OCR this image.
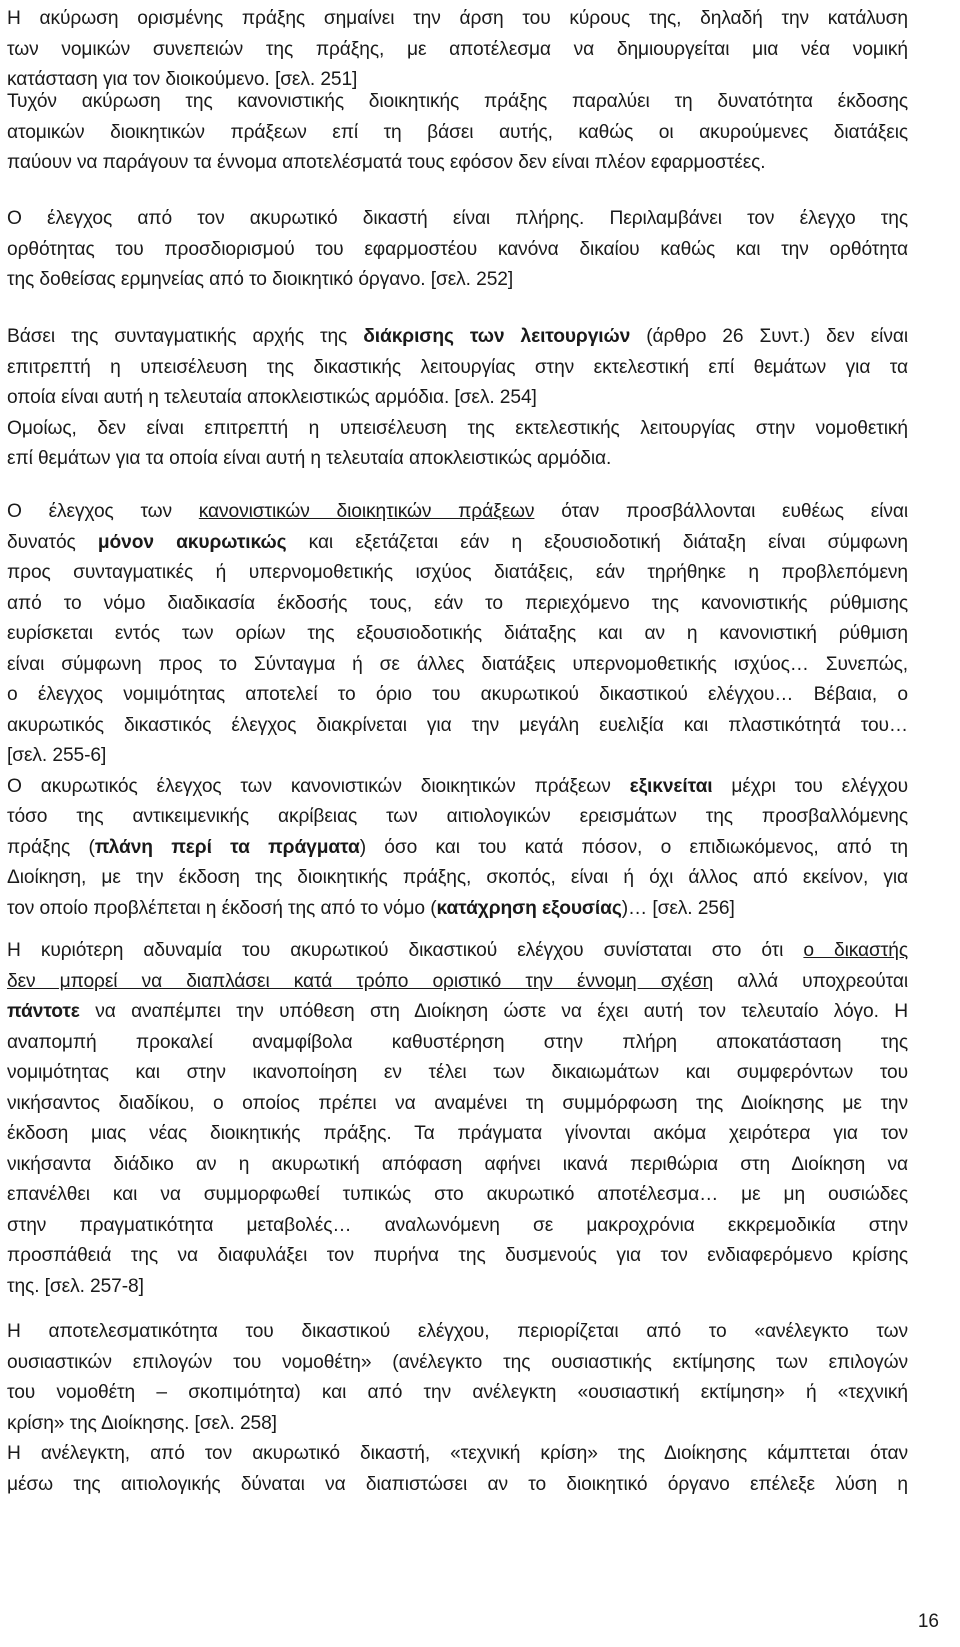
Η ακύρωση ορισμένης πράξης σημαίνει την άρση του κύρους της, δηλαδή την κατάλυση
των νομικών συνεπειών της πράξης, με αποτέλεσμα να δημιουργείται μια νέα νομική
κατάσταση για τον διοικούμενο. [σελ. 251]
Τυχόν ακύρωση της κανονιστικής διοικητικής πράξης παραλύει τη δυνατότητα έκδοσης
ατομικών διοικητικών πράξεων επί τη βάσει αυτής, καθώς οι ακυρούμενες διατάξεις
παύουν να παράγουν τα έννομα αποτελέσματά τους εφόσον δεν είναι πλέον εφαρμοστέες.
Ο έλεγχος από τον ακυρωτικό δικαστή είναι πλήρης. Περιλαμβάνει τον έλεγχο της
ορθότητας του προσδιορισμού του εφαρμοστέου κανόνα δικαίου καθώς και την ορθότητα
της δοθείσας ερμηνείας από το διοικητικό όργανο. [σελ. 252]
Βάσει της συνταγματικής αρχής της διάκρισης των λειτουργιών (άρθρο 26 Συντ.) δεν είναι
επιτρεπτή η υπεισέλευση της δικαστικής λειτουργίας στην εκτελεστική επί θεμάτων για τα
οποία είναι αυτή η τελευταία αποκλειστικώς αρμόδια. [σελ. 254]
Ομοίως, δεν είναι επιτρεπτή η υπεισέλευση της εκτελεστικής λειτουργίας στην νομοθετική
επί θεμάτων για τα οποία είναι αυτή η τελευταία αποκλειστικώς αρμόδια.
Ο έλεγχος των κανονιστικών διοικητικών πράξεων όταν προσβάλλονται ευθέως είναι
δυνατός μόνον ακυρωτικώς και εξετάζεται εάν η εξουσιοδοτική διάταξη είναι σύμφωνη
προς συνταγματικές ή υπερνομοθετικής ισχύος διατάξεις, εάν τηρήθηκε η προβλεπόμενη
από το νόμο διαδικασία έκδοσής τους, εάν το περιεχόμενο της κανονιστικής ρύθμισης
ευρίσκεται εντός των ορίων της εξουσιοδοτικής διάταξης και αν η κανονιστική ρύθμιση
είναι σύμφωνη προς το Σύνταγμα ή σε άλλες διατάξεις υπερνομοθετικής ισχύος… Συνεπώς,
ο έλεγχος νομιμότητας αποτελεί το όριο του ακυρωτικού δικαστικού ελέγχου… Βέβαια, ο
ακυρωτικός δικαστικός έλεγχος διακρίνεται για την μεγάλη ευελιξία και πλαστικότητά του…
[σελ. 255-6]
Ο ακυρωτικός έλεγχος των κανονιστικών διοικητικών πράξεων εξικνείται μέχρι του ελέγχου
τόσο της αντικειμενικής ακρίβειας των αιτιολογικών ερεισμάτων της προσβαλλόμενης
πράξης (πλάνη περί τα πράγματα) όσο και του κατά πόσον, ο επιδιωκόμενος, από τη
Διοίκηση, με την έκδοση της διοικητικής πράξης, σκοπός, είναι ή όχι άλλος από εκείνον, για
τον οποίο προβλέπεται η έκδοσή της από το νόμο (κατάχρηση εξουσίας)… [σελ. 256]
Η κυριότερη αδυναμία του ακυρωτικού δικαστικού ελέγχου συνίσταται στο ότι ο δικαστής
δεν μπορεί να διαπλάσει κατά τρόπο οριστικό την έννομη σχέση αλλά υποχρεούται
πάντοτε να αναπέμπει την υπόθεση στη Διοίκηση ώστε να έχει αυτή τον τελευταίο λόγο. Η
αναπομπή προκαλεί αναμφίβολα καθυστέρηση στην πλήρη αποκατάσταση της
νομιμότητας και στην ικανοποίηση εν τέλει των δικαιωμάτων και συμφερόντων του
νικήσαντος διαδίκου, ο οποίος πρέπει να αναμένει τη συμμόρφωση της Διοίκησης με την
έκδοση μιας νέας διοικητικής πράξης. Τα πράγματα γίνονται ακόμα χειρότερα για τον
νικήσαντα διάδικο αν η ακυρωτική απόφαση αφήνει ικανά περιθώρια στη Διοίκηση να
επανέλθει και να συμμορφωθεί τυπικώς στο ακυρωτικό αποτέλεσμα… με μη ουσιώδες
στην πραγματικότητα μεταβολές… αναλωνόμενη σε μακροχρόνια εκκρεμοδικία στην
προσπάθειά της να διαφυλάξει τον πυρήνα της δυσμενούς για τον ενδιαφερόμενο κρίσης
της. [σελ. 257-8]
Η αποτελεσματικότητα του δικαστικού ελέγχου, περιορίζεται από το «ανέλεγκτο των
ουσιαστικών επιλογών του νομοθέτη» (ανέλεγκτο της ουσιαστικής εκτίμησης των επιλογών
του νομοθέτη – σκοπιμότητα) και από την ανέλεγκτη «ουσιαστική εκτίμηση» ή «τεχνική
κρίση» της Διοίκησης. [σελ. 258]
Η ανέλεγκτη, από τον ακυρωτικό δικαστή, «τεχνική κρίση» της Διοίκησης κάμπτεται όταν
μέσω της αιτιολογικής δύναται να διαπιστώσει αν το διοικητικό όργανο επέλεξε λύση η
16
